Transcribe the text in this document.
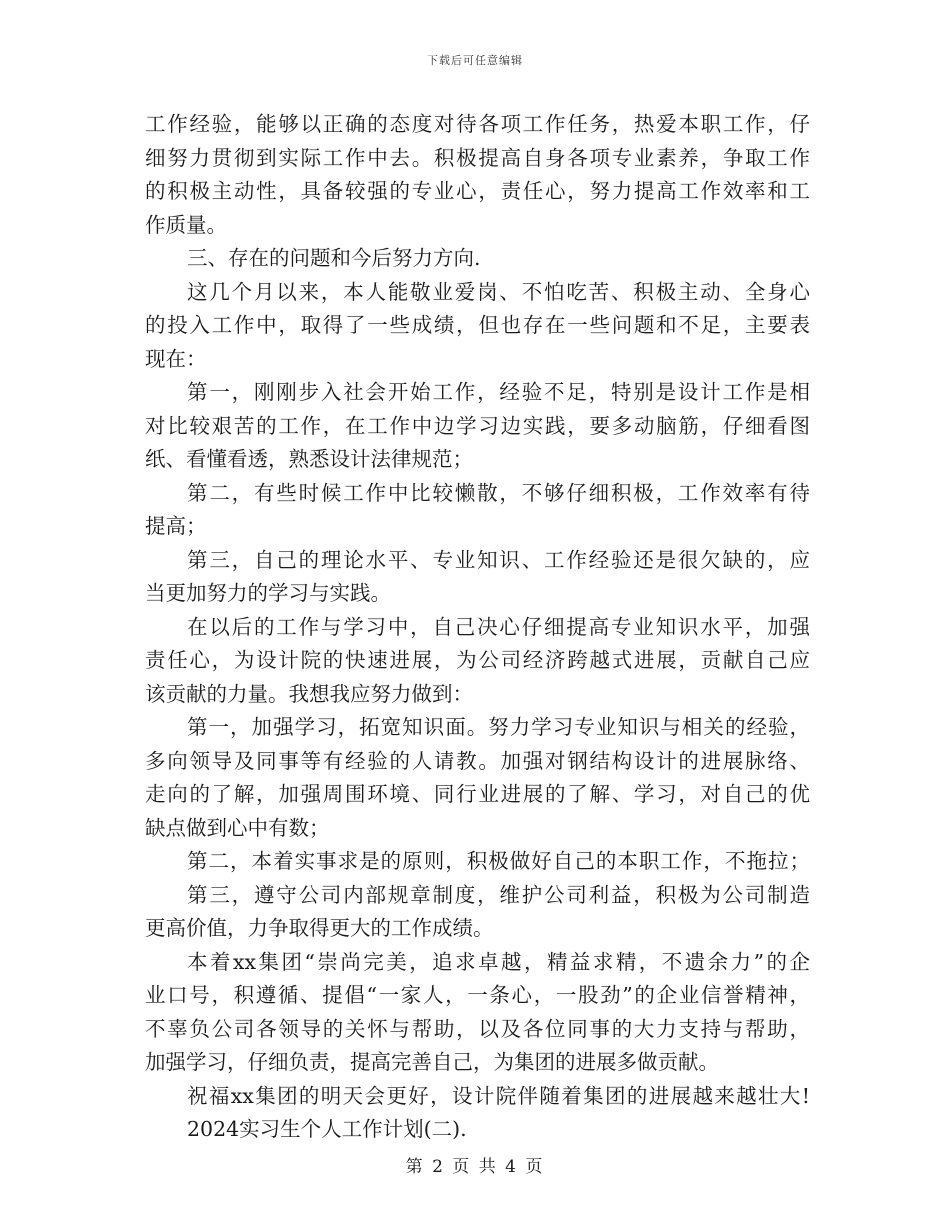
下载后可任意编辑
工作经验，能够以正确的态度对待各项工作任务，热爱本职工作，仔
细努力贯彻到实际工作中去。积极提高自身各项专业素养，争取工作
的积极主动性，具备较强的专业心，责任心，努力提高工作效率和工
作质量。
三、存在的问题和今后努力方向.
这几个月以来，本人能敬业爱岗、不怕吃苦、积极主动、全身心
的投入工作中，取得了一些成绩，但也存在一些问题和不足，主要表
现在：
第一，刚刚步入社会开始工作，经验不足，特别是设计工作是相
对比较艰苦的工作，在工作中边学习边实践，要多动脑筋，仔细看图
纸、看懂看透，熟悉设计法律规范；
第二，有些时候工作中比较懒散，不够仔细积极，工作效率有待
提高；
第三，自己的理论水平、专业知识、工作经验还是很欠缺的，应
当更加努力的学习与实践。
在以后的工作与学习中，自己决心仔细提高专业知识水平，加强
责任心，为设计院的快速进展，为公司经济跨越式进展，贡献自己应
该贡献的力量。我想我应努力做到：
第一，加强学习，拓宽知识面。努力学习专业知识与相关的经验，
多向领导及同事等有经验的人请教。加强对钢结构设计的进展脉络、
走向的了解，加强周围环境、同行业进展的了解、学习，对自己的优
缺点做到心中有数；
第二，本着实事求是的原则，积极做好自己的本职工作，不拖拉；
第三，遵守公司内部规章制度，维护公司利益，积极为公司制造
更高价值，力争取得更大的工作成绩。
本着xx集团“崇尚完美，追求卓越，精益求精，不遗余力”的企
业口号，积遵循、提倡“一家人，一条心，一股劲”的企业信誉精神，
不辜负公司各领导的关怀与帮助，以及各位同事的大力支持与帮助，
加强学习，仔细负责，提高完善自己，为集团的进展多做贡献。
祝福xx集团的明天会更好，设计院伴随着集团的进展越来越壮大!
2024实习生个人工作计划(二).
第 2 页 共 4 页
